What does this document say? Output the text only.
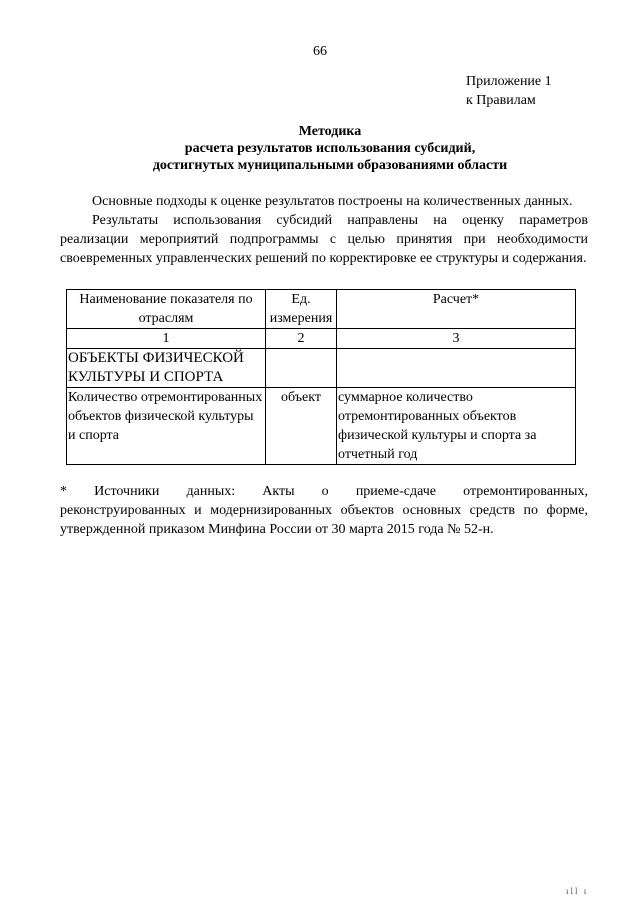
66
Приложение 1
к Правилам
Методика
расчета результатов использования субсидий,
достигнутых муниципальными образованиями области
Основные подходы к оценке результатов построены на количественных данных.
Результаты использования субсидий направлены на оценку параметров реализации мероприятий подпрограммы с целью принятия при необходимости своевременных управленческих решений по корректировке ее структуры и содержания.
Наименование показателя по отраслям	Ед. измерения	Расчет*
1	2	3
ОБЪЕКТЫ ФИЗИЧЕСКОЙ КУЛЬТУРЫ И СПОРТА		
Количество отремонтированных объектов физической культуры и спорта	объект	суммарное количество отремонтированных объектов физической культуры и спорта за отчетный год
* Источники данных: Акты о приеме-сдаче отремонтированных,
реконструированных и модернизированных объектов основных средств по форме, утвержденной приказом Минфина России от 30 марта 2015 года № 52-н.
ıll ı
